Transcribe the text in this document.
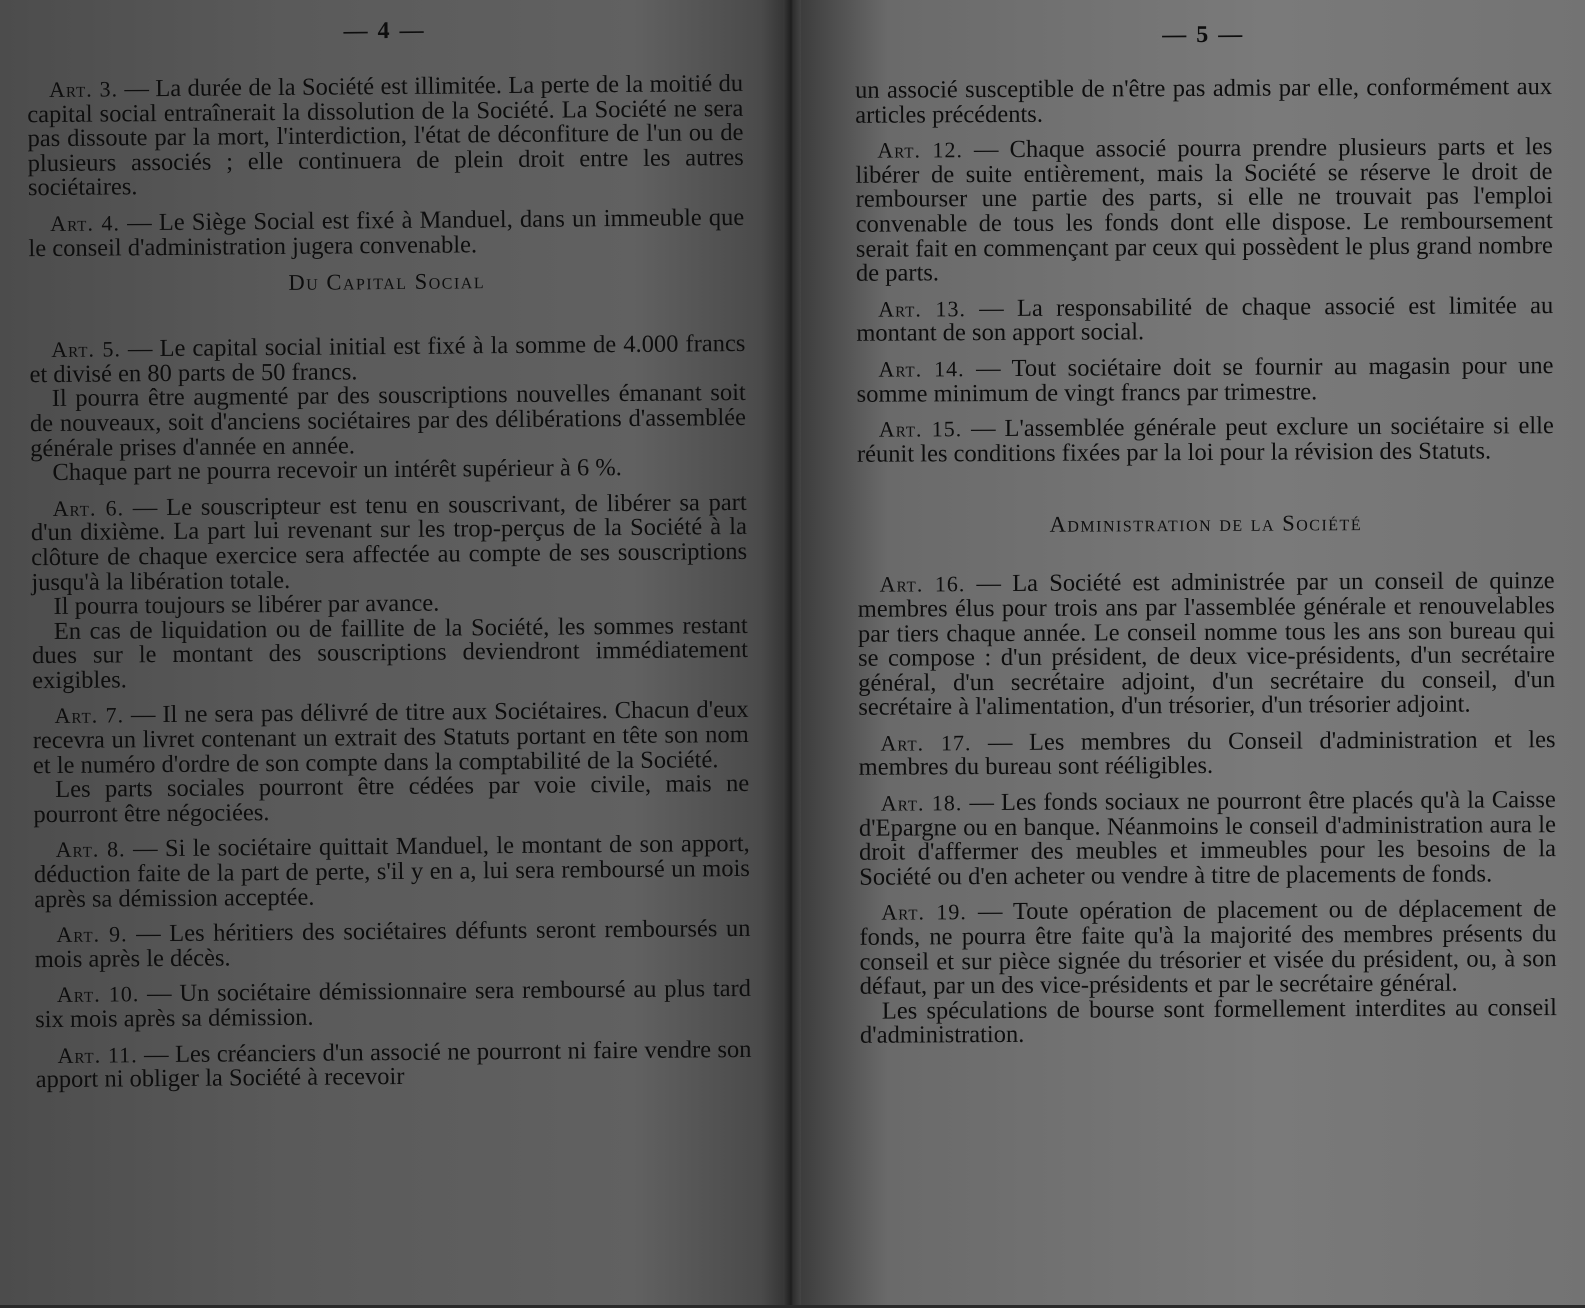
— 4 —

Art. 3. — La durée de la Société est illimitée. La perte de la moitié du capital social entraînerait la dissolution de la Société. La Société ne sera pas dissoute par la mort, l'interdiction, l'état de déconfiture de l'un ou de plusieurs associés ; elle continuera de plein droit entre les autres sociétaires.

Art. 4. — Le Siège Social est fixé à Manduel, dans un immeuble que le conseil d'administration jugera convenable.

Du Capital Social

Art. 5. — Le capital social initial est fixé à la somme de 4.000 francs et divisé en 80 parts de 50 francs.

Il pourra être augmenté par des souscriptions nouvelles émanant soit de nouveaux, soit d'anciens sociétaires par des délibérations d'assemblée générale prises d'année en année.

Chaque part ne pourra recevoir un intérêt supérieur à 6 %.

Art. 6. — Le souscripteur est tenu en souscrivant, de libérer sa part d'un dixième. La part lui revenant sur les trop-perçus de la Société à la clôture de chaque exercice sera affectée au compte de ses souscriptions jusqu'à la libération totale.

Il pourra toujours se libérer par avance.

En cas de liquidation ou de faillite de la Société, les sommes restant dues sur le montant des souscriptions deviendront immédiatement exigibles.

Art. 7. — Il ne sera pas délivré de titre aux Sociétaires. Chacun d'eux recevra un livret contenant un extrait des Statuts portant en tête son nom et le numéro d'ordre de son compte dans la comptabilité de la Société.

Les parts sociales pourront être cédées par voie civile, mais ne pourront être négociées.

Art. 8. — Si le sociétaire quittait Manduel, le montant de son apport, déduction faite de la part de perte, s'il y en a, lui sera remboursé un mois après sa démission acceptée.

Art. 9. — Les héritiers des sociétaires défunts seront remboursés un mois après le décès.

Art. 10. — Un sociétaire démissionnaire sera remboursé au plus tard six mois après sa démission.

Art. 11. — Les créanciers d'un associé ne pourront ni faire vendre son apport ni obliger la Société à recevoir

— 5 —

un associé susceptible de n'être pas admis par elle, conformément aux articles précédents.

Art. 12. — Chaque associé pourra prendre plusieurs parts et les libérer de suite entièrement, mais la Société se réserve le droit de rembourser une partie des parts, si elle ne trouvait pas l'emploi convenable de tous les fonds dont elle dispose. Le remboursement serait fait en commençant par ceux qui possèdent le plus grand nombre de parts.

Art. 13. — La responsabilité de chaque associé est limitée au montant de son apport social.

Art. 14. — Tout sociétaire doit se fournir au magasin pour une somme minimum de vingt francs par trimestre.

Art. 15. — L'assemblée générale peut exclure un sociétaire si elle réunit les conditions fixées par la loi pour la révision des Statuts.

Administration de la Société

Art. 16. — La Société est administrée par un conseil de quinze membres élus pour trois ans par l'assemblée générale et renouvelables par tiers chaque année. Le conseil nomme tous les ans son bureau qui se compose : d'un président, de deux vice-présidents, d'un secrétaire général, d'un secrétaire adjoint, d'un secrétaire du conseil, d'un secrétaire à l'alimentation, d'un trésorier, d'un trésorier adjoint.

Art. 17. — Les membres du Conseil d'administration et les membres du bureau sont rééligibles.

Art. 18. — Les fonds sociaux ne pourront être placés qu'à la Caisse d'Epargne ou en banque. Néanmoins le conseil d'administration aura le droit d'affermer des meubles et immeubles pour les besoins de la Société ou d'en acheter ou vendre à titre de placements de fonds.

Art. 19. — Toute opération de placement ou de déplacement de fonds, ne pourra être faite qu'à la majorité des membres présents du conseil et sur pièce signée du trésorier et visée du président, ou, à son défaut, par un des vice-présidents et par le secrétaire général.

Les spéculations de bourse sont formellement interdites au conseil d'administration.
